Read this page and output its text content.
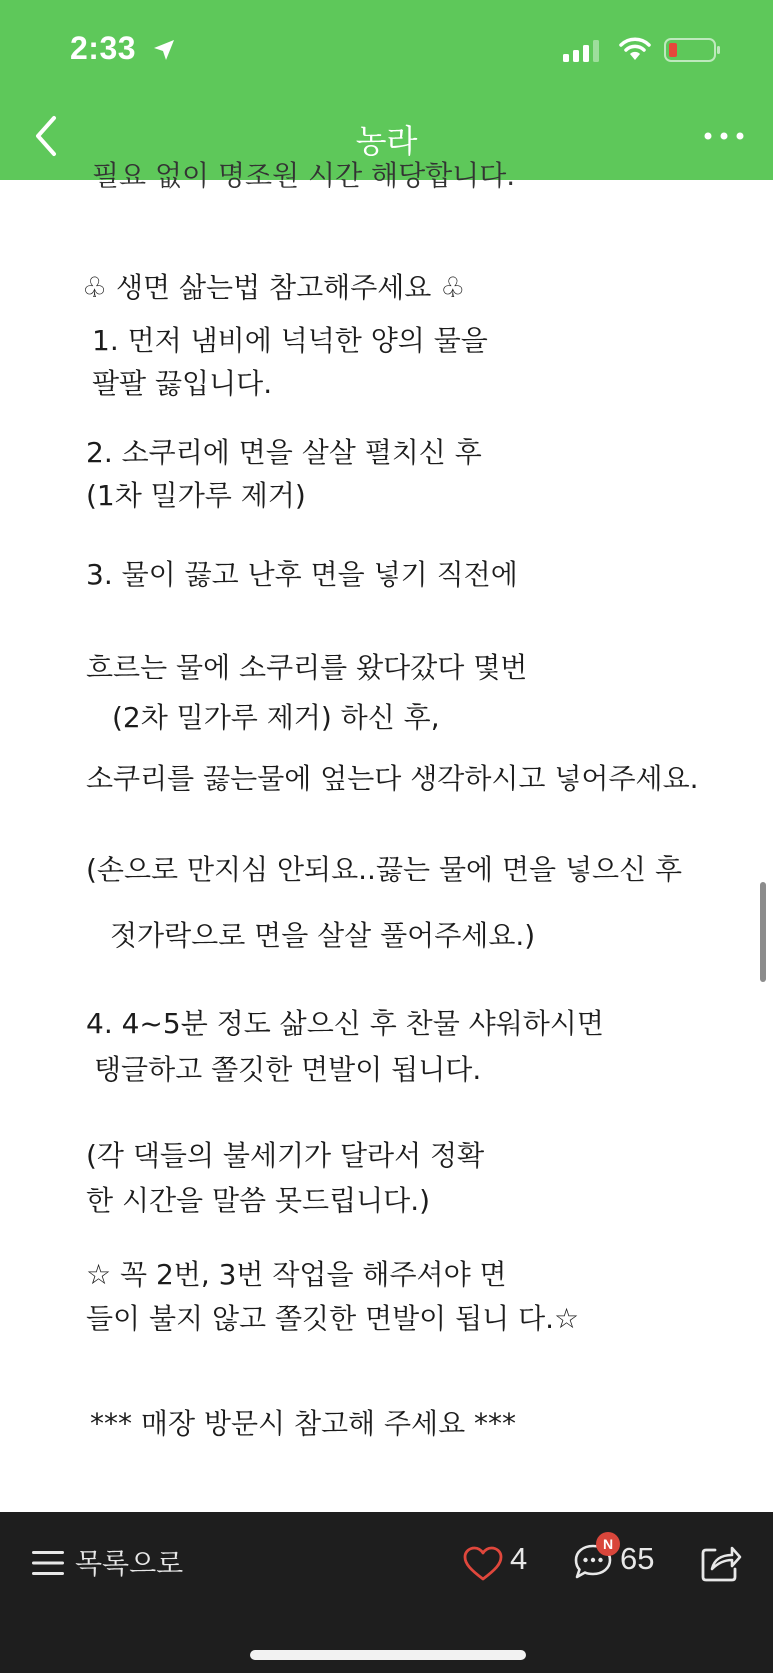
2:33
농라
필요 없이 명조원 시간 해당합니다.
♧ 생면 삶는법 참고해주세요 ♧
1. 먼저 냄비에 넉넉한 양의 물을
팔팔 끓입니다.
2. 소쿠리에 면을 살살 펼치신 후
(1차 밀가루 제거)
3. 물이 끓고 난후 면을 넣기 직전에
흐르는 물에 소쿠리를 왔다갔다 몇번
(2차 밀가루 제거) 하신 후,
소쿠리를 끓는물에 엎는다 생각하시고 넣어주세요.
(손으로 만지심 안되요..끓는 물에 면을 넣으신 후
젓가락으로 면을 살살 풀어주세요.)
4. 4~5분 정도 삶으신 후 찬물 샤워하시면
탱글하고 쫄깃한 면발이 됩니다.
(각 댁들의 불세기가 달라서 정확
한 시간을 말씀 못드립니다.)
☆ 꼭 2번, 3번 작업을 해주셔야 면
들이 불지 않고 쫄깃한 면발이 됩니 다.☆
*** 매장 방문시 참고해 주세요 ***
목록으로	4	N 65
